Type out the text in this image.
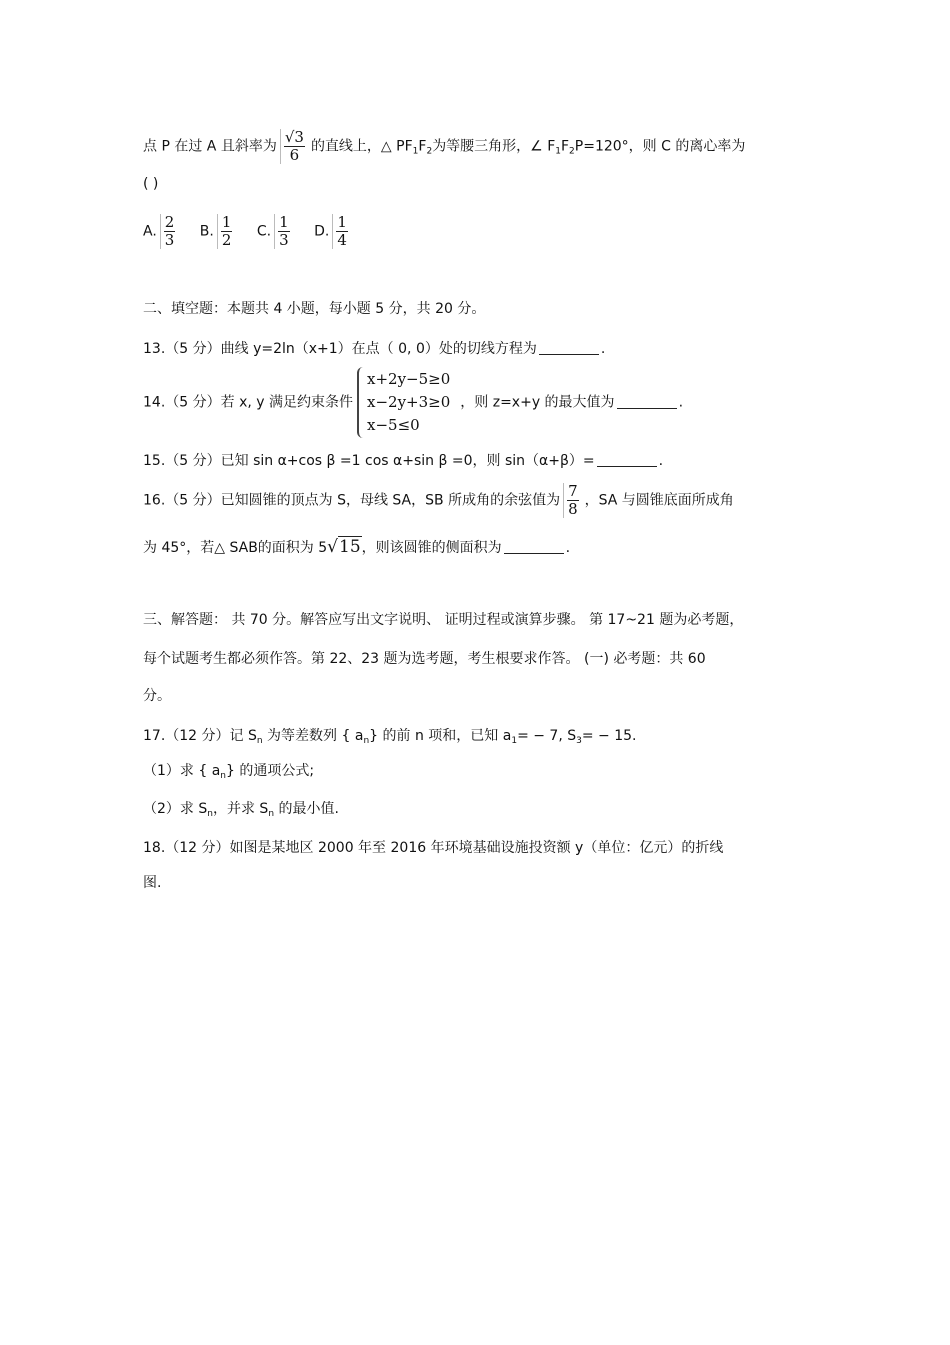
点 P 在过 A 且斜率为 $\frac{√3}{6}$ 的直线上，△ $PF_1F_2$为等腰三角形，∠ $F_1F_2P=120^\circ$，则 C 的离心率为
( )
A. $\frac{2}{3} B$. $\frac{1}{2} C$. $\frac{1}{3} D$. $\frac{1}{4}$
二、填空题：本题共 4 小题，每小题 5 分，共 20 分。
13.（5 分）曲线 y=2ln（x+1）在点（ 0, 0）处的切线方程为	.
14.（5 分）若 x, y 满足约束条件
x+2y−5≥0
x−2y+3≥0
x−5≤0
，则 z=x+y 的最大值为	.
15.（5 分）已知 sin α+cos β =1 cos α+sin β =0，则 sin（α+β）=	.
16.（5 分）已知圆锥的顶点为 S，母线 SA，SB 所成角的余弦值为 $\frac{7}{8}$ ，SA 与圆锥底面所成角
为 45°，若△ SAB的面积为 5√15，则该圆锥的侧面积为	.
三、解答题： 共 70 分。解答应写出文字说明、 证明过程或演算步骤。 第 17~21 题为必考题，
每个试题考生都必须作答。第 22、23 题为选考题，考生根要求作答。 (一) 必考题：共 60
分。
17.（12 分）记 $S_n$ 为等差数列 { $a_n$} 的前 n 项和，已知 $a_1= - 7$, $S_3= - 15$.
（1）求 { $a_n$} 的通项公式;
（2）求 $S_n$，并求 $S_n$ 的最小值.
18.（12 分）如图是某地区 2000 年至 2016 年环境基础设施投资额 y（单位：亿元）的折线
图.
